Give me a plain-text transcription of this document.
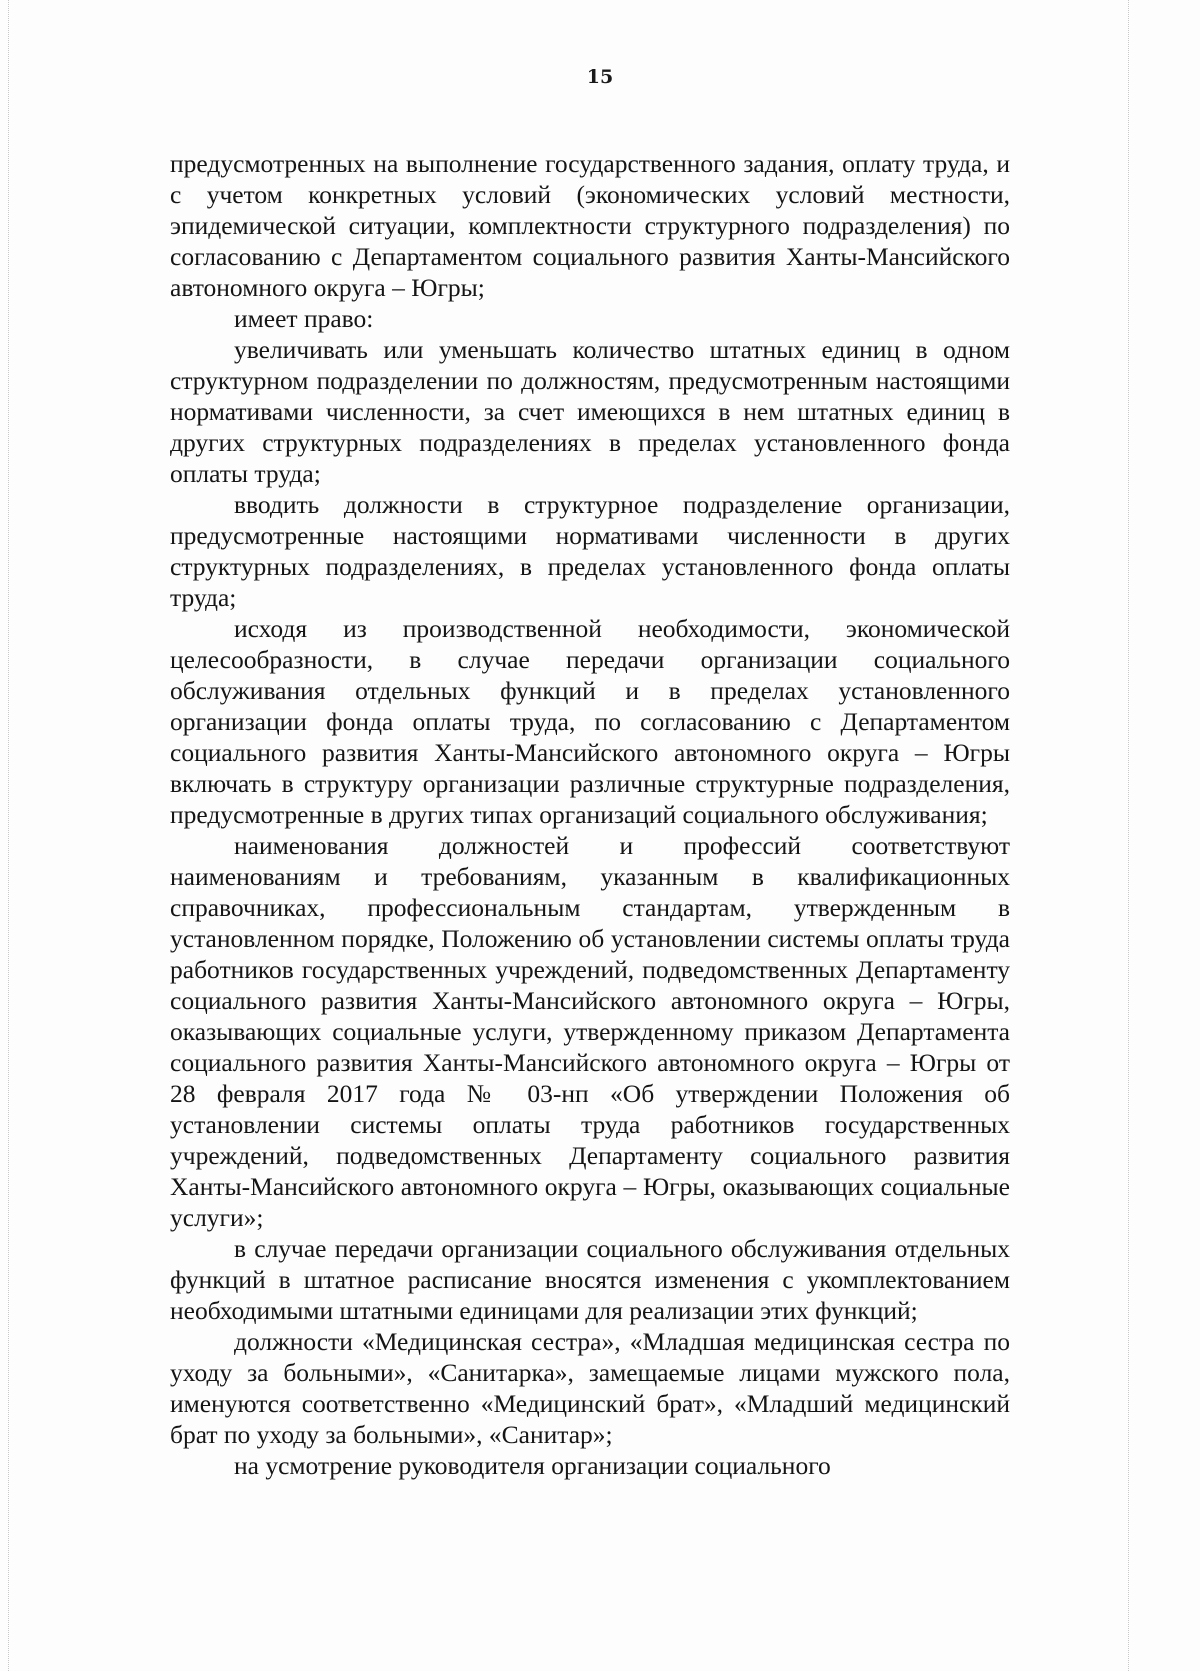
15

предусмотренных на выполнение государственного задания, оплату труда, и с учетом конкретных условий (экономических условий местности, эпидемической ситуации, комплектности структурного подразделения) по согласованию с Департаментом социального развития Ханты-Мансийского автономного округа – Югры;

имеет право:

увеличивать или уменьшать количество штатных единиц в одном структурном подразделении по должностям, предусмотренным настоящими нормативами численности, за счет имеющихся в нем штатных единиц в других структурных подразделениях в пределах установленного фонда оплаты труда;

вводить должности в структурное подразделение организации, предусмотренные настоящими нормативами численности в других структурных подразделениях, в пределах установленного фонда оплаты труда;

исходя из производственной необходимости, экономической целесообразности, в случае передачи организации социального обслуживания отдельных функций и в пределах установленного организации фонда оплаты труда, по согласованию с Департаментом социального развития Ханты-Мансийского автономного округа – Югры включать в структуру организации различные структурные подразделения, предусмотренные в других типах организаций социального обслуживания;

наименования должностей и профессий соответствуют наименованиям и требованиям, указанным в квалификационных справочниках, профессиональным стандартам, утвержденным в установленном порядке, Положению об установлении системы оплаты труда работников государственных учреждений, подведомственных Департаменту социального развития Ханты-Мансийского автономного округа – Югры, оказывающих социальные услуги, утвержденному приказом Департамента социального развития Ханты-Мансийского автономного округа – Югры от 28 февраля 2017 года № 03-нп «Об утверждении Положения об установлении системы оплаты труда работников государственных учреждений, подведомственных Департаменту социального развития Ханты-Мансийского автономного округа – Югры, оказывающих социальные услуги»;

в случае передачи организации социального обслуживания отдельных функций в штатное расписание вносятся изменения с укомплектованием необходимыми штатными единицами для реализации этих функций;

должности «Медицинская сестра», «Младшая медицинская сестра по уходу за больными», «Санитарка», замещаемые лицами мужского пола, именуются соответственно «Медицинский брат», «Младший медицинский брат по уходу за больными», «Санитар»;

на усмотрение руководителя организации социального
